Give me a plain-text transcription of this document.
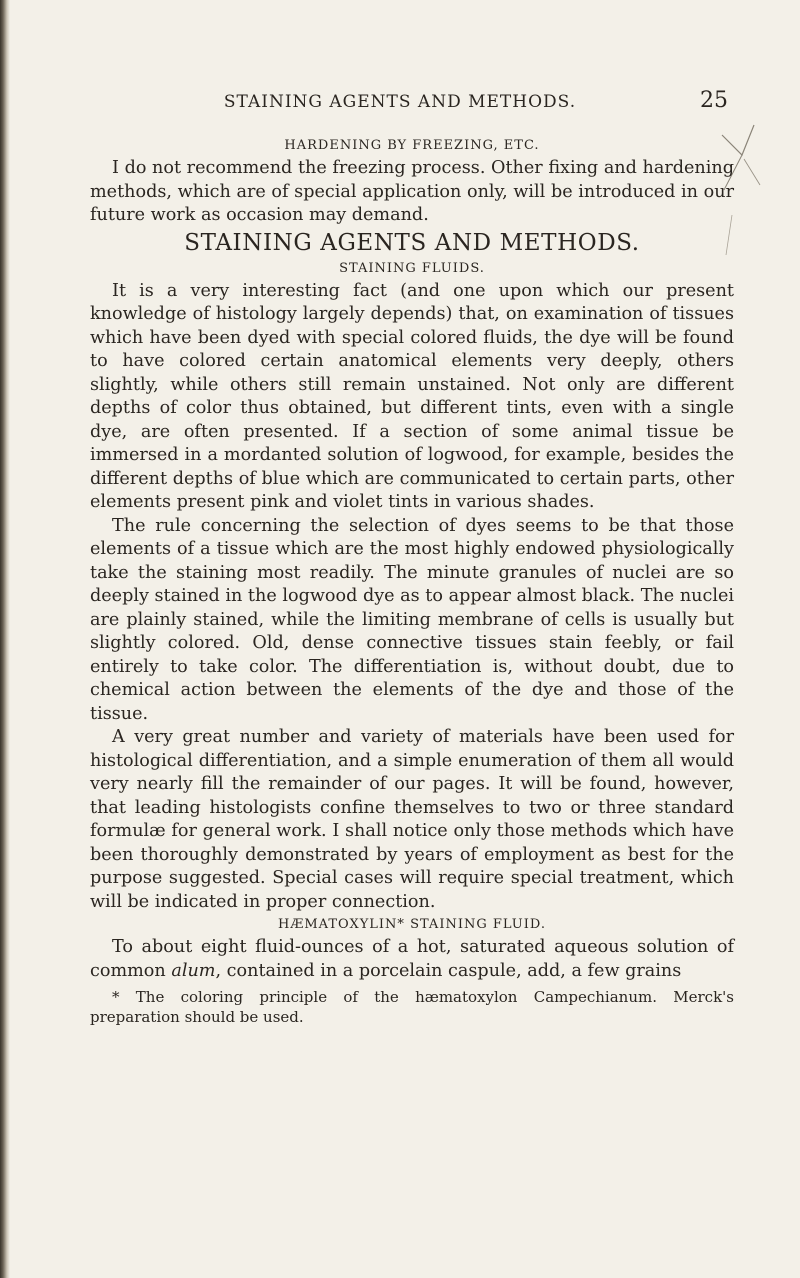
STAINING AGENTS AND METHODS.	25

HARDENING BY FREEZING, ETC.

I do not recommend the freezing process. Other fixing and hardening methods, which are of special application only, will be introduced in our future work as occasion may demand.

STAINING AGENTS AND METHODS.

STAINING FLUIDS.

It is a very interesting fact (and one upon which our present knowledge of histology largely depends) that, on examination of tissues which have been dyed with special colored fluids, the dye will be found to have colored certain anatomical elements very deeply, others slightly, while others still remain unstained. Not only are different depths of color thus obtained, but different tints, even with a single dye, are often presented. If a section of some animal tissue be immersed in a mordanted solution of logwood, for example, besides the different depths of blue which are communicated to certain parts, other elements present pink and violet tints in various shades.

The rule concerning the selection of dyes seems to be that those elements of a tissue which are the most highly endowed physiologically take the staining most readily. The minute granules of nuclei are so deeply stained in the logwood dye as to appear almost black. The nuclei are plainly stained, while the limiting membrane of cells is usually but slightly colored. Old, dense connective tissues stain feebly, or fail entirely to take color. The differentiation is, without doubt, due to chemical action between the elements of the dye and those of the tissue.

A very great number and variety of materials have been used for histological differentiation, and a simple enumeration of them all would very nearly fill the remainder of our pages. It will be found, however, that leading histologists confine themselves to two or three standard formulæ for general work. I shall notice only those methods which have been thoroughly demonstrated by years of employment as best for the purpose suggested. Special cases will require special treatment, which will be indicated in proper connection.

HÆMATOXYLIN* STAINING FLUID.

To about eight fluid-ounces of a hot, saturated aqueous solution of common alum, contained in a porcelain caspule, add, a few grains

* The coloring principle of the hæmatoxylon Campechianum. Merck's preparation should be used.
